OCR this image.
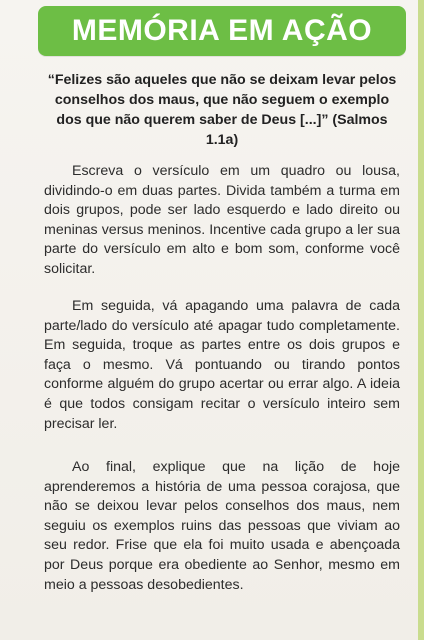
MEMÓRIA EM AÇÃO
“Felizes são aqueles que não se deixam levar pelos conselhos dos maus, que não seguem o exemplo dos que não querem saber de Deus [...]” (Salmos 1.1a)
Escreva o versículo em um quadro ou lousa, dividindo-o em duas partes. Divida também a turma em dois grupos, pode ser lado esquerdo e lado direito ou meninas versus meninos. Incentive cada grupo a ler sua parte do versículo em alto e bom som, conforme você solicitar.
Em seguida, vá apagando uma palavra de cada parte/lado do versículo até apagar tudo completamente. Em seguida, troque as partes entre os dois grupos e faça o mesmo. Vá pontuando ou tirando pontos conforme alguém do grupo acertar ou errar algo. A ideia é que todos consigam recitar o versículo inteiro sem precisar ler.
Ao final, explique que na lição de hoje aprenderemos a história de uma pessoa corajosa, que não se deixou levar pelos conselhos dos maus, nem seguiu os exemplos ruins das pessoas que viviam ao seu redor. Frise que ela foi muito usada e abençoada por Deus porque era obediente ao Senhor, mesmo em meio a pessoas desobedientes.
